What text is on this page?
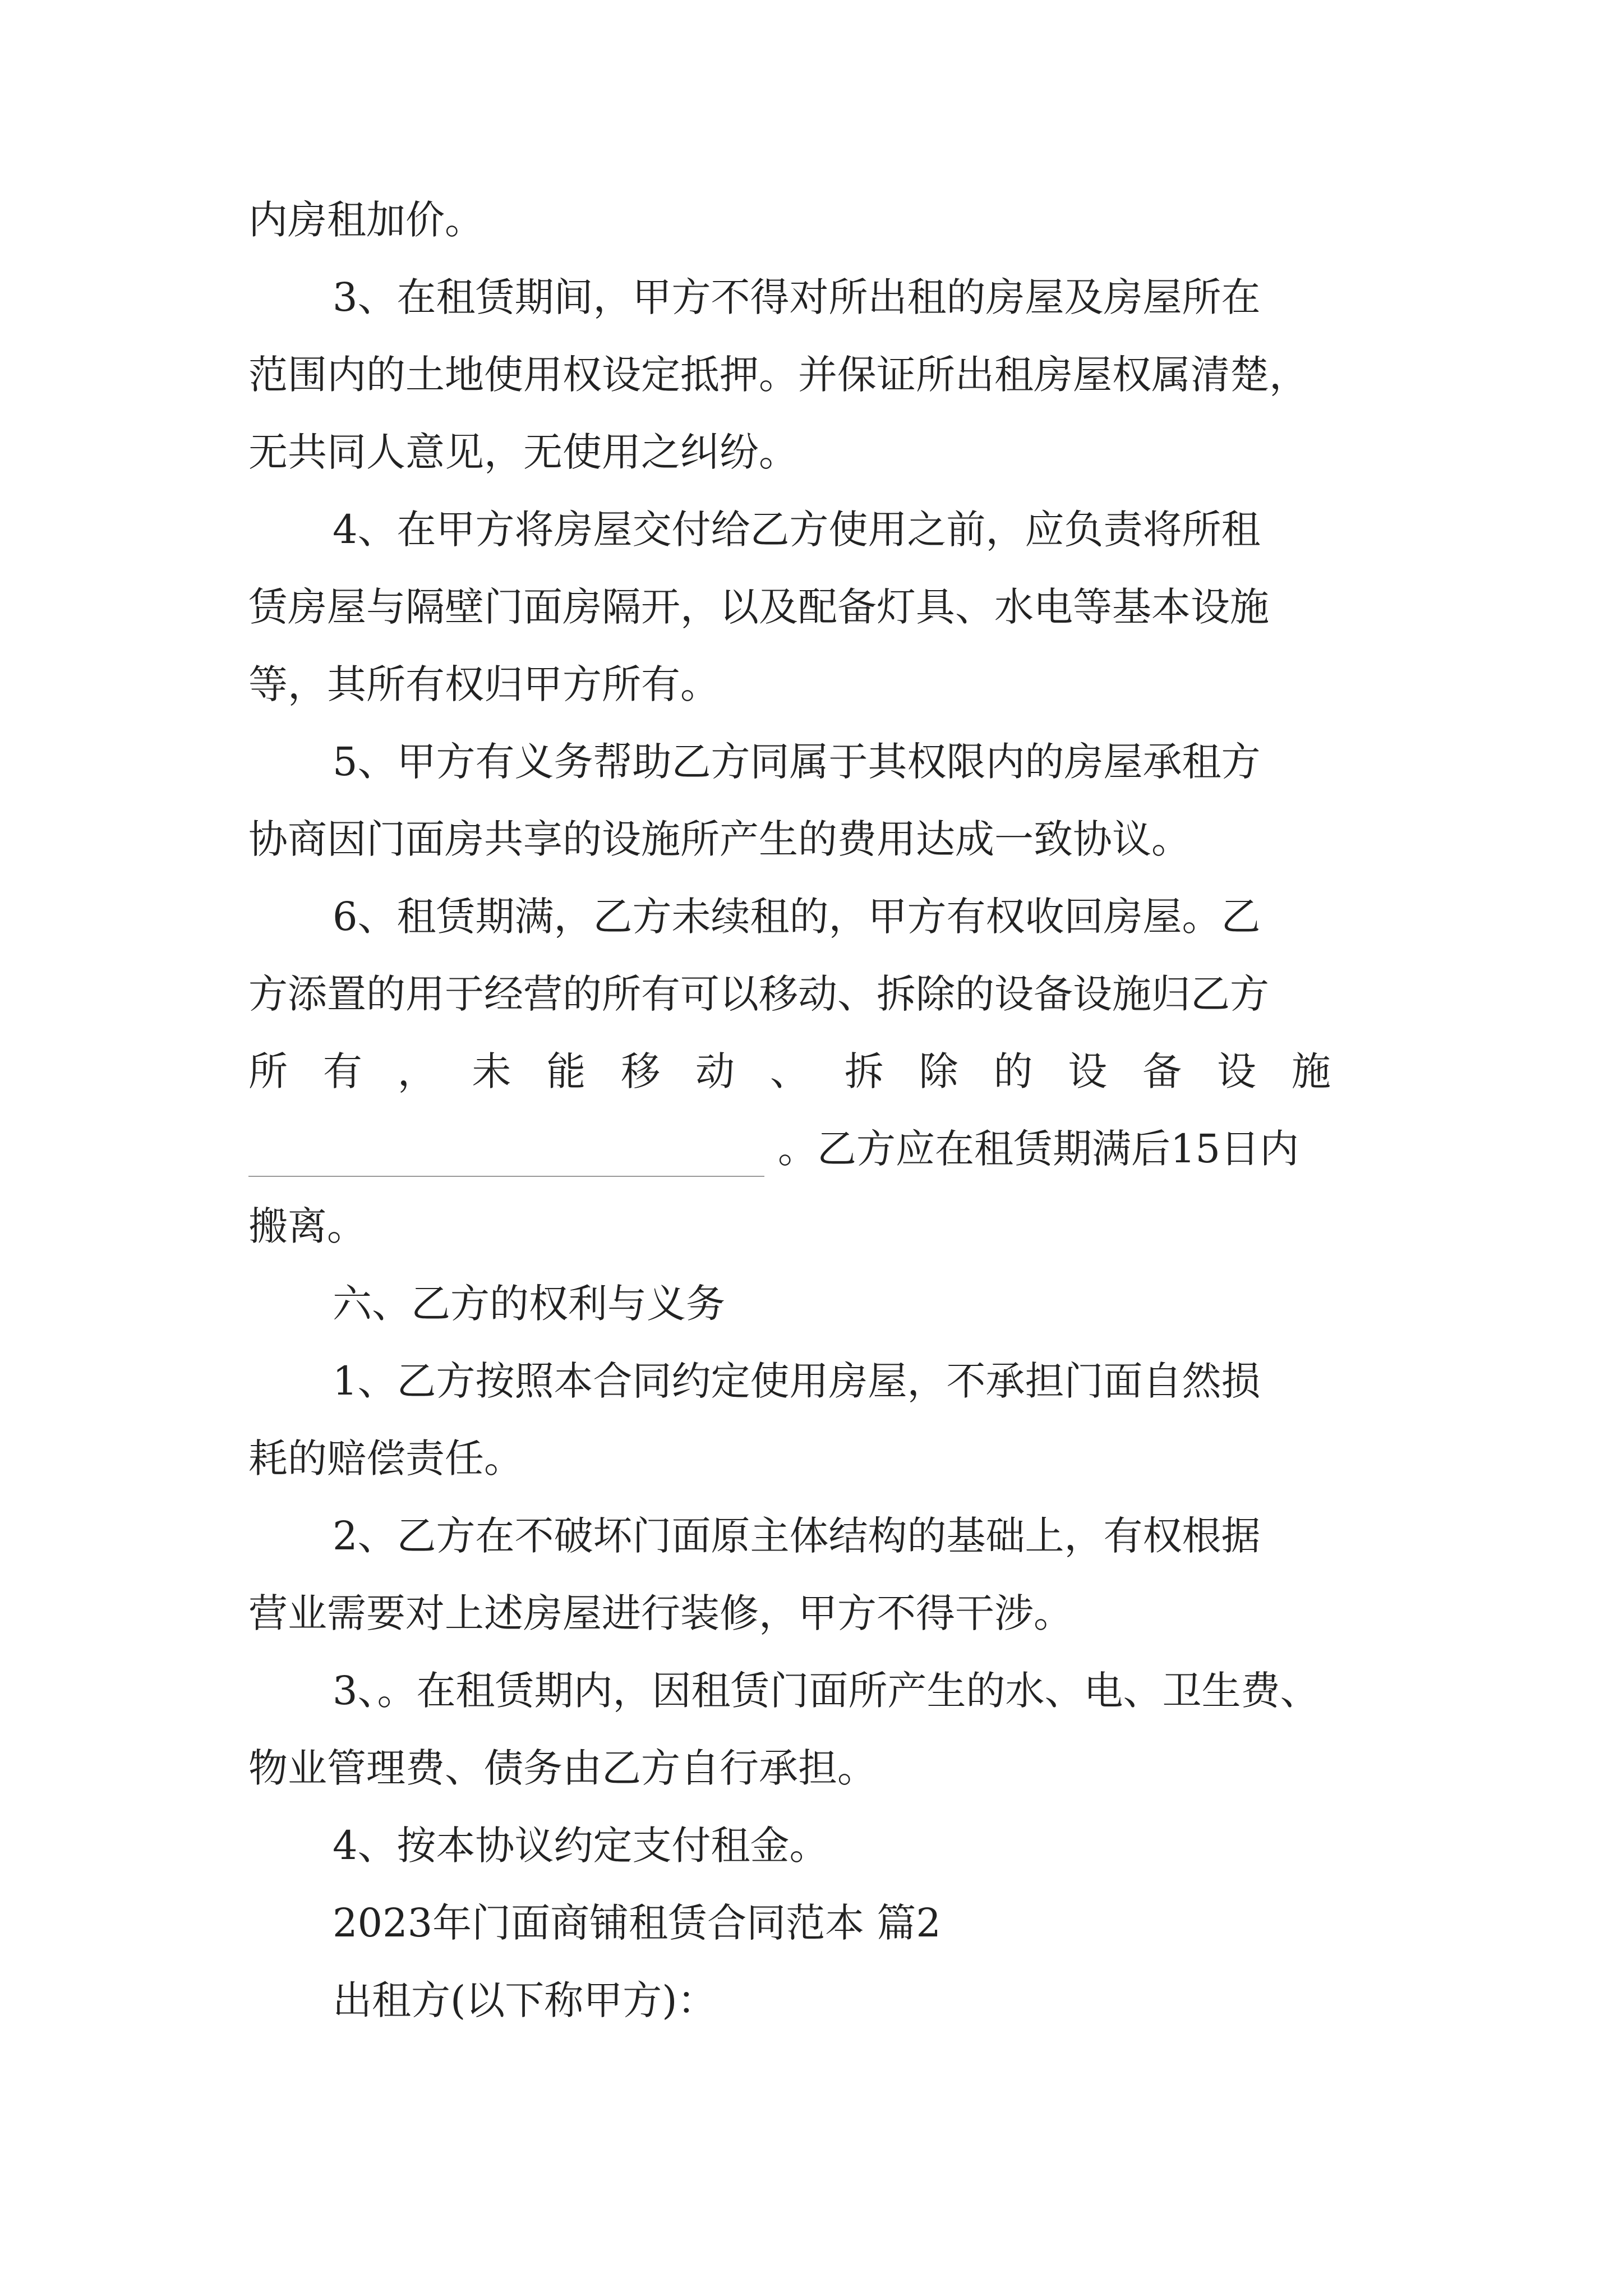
内房租加价。
3、在租赁期间，甲方不得对所出租的房屋及房屋所在
范围内的土地使用权设定抵押。并保证所出租房屋权属清楚，
无共同人意见，无使用之纠纷。
4、在甲方将房屋交付给乙方使用之前，应负责将所租
赁房屋与隔壁门面房隔开，以及配备灯具、水电等基本设施
等，其所有权归甲方所有。
5、甲方有义务帮助乙方同属于其权限内的房屋承租方
协商因门面房共享的设施所产生的费用达成一致协议。
6、租赁期满，乙方未续租的，甲方有权收回房屋。乙
方添置的用于经营的所有可以移动、拆除的设备设施归乙方
所 有 ， 未 能 移 动 、 拆 除 的 设 备 设 施
。乙方应在租赁期满后15日内
搬离。
六、乙方的权利与义务
1、乙方按照本合同约定使用房屋，不承担门面自然损
耗的赔偿责任。
2、乙方在不破坏门面原主体结构的基础上，有权根据
营业需要对上述房屋进行装修，甲方不得干涉。
3、。在租赁期内，因租赁门面所产生的水、电、卫生费、
物业管理费、债务由乙方自行承担。
4、按本协议约定支付租金。
2023年门面商铺租赁合同范本 篇2
出租方(以下称甲方)：
